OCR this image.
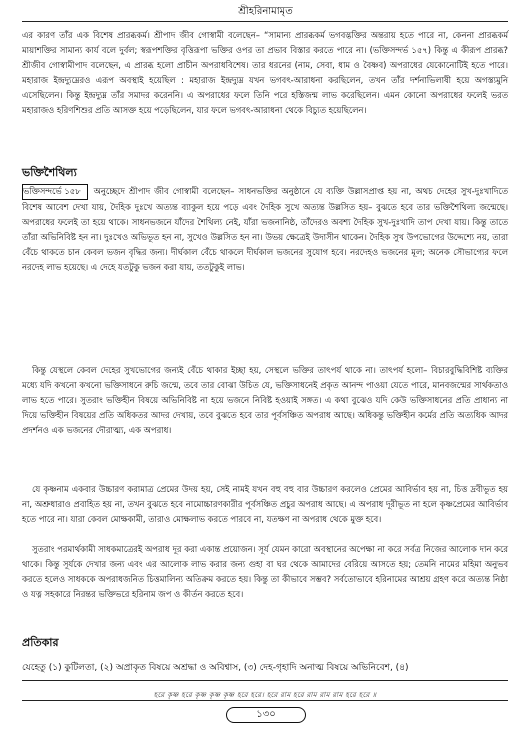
শ্রীহরিনামামৃত

এর কারণ তাঁর এক বিশেষ প্রারব্ধকর্ম। শ্রীপাদ জীব গোস্বামী বলেছেন– “সামান্য প্রারব্ধকর্ম ভগবদ্ভক্তির অন্তরায় হতে পারে না, কেননা প্রারব্ধকর্ম মায়াশক্তির সামান্য কার্য বলে দুর্বল; স্বরূপশক্তির বৃত্তিরূপা ভক্তির ওপর তা প্রভাব বিস্তার করতে পারে না। (ভক্তিসন্দর্ভ ১৫৭) কিন্তু এ কীরূপ প্রারব্ধ? শ্রীজীব গোস্বামীপাদ বলেছেন, এ প্রারব্ধ হলো প্রাচীন অপরাধবিশেষ। তার ধরনের (নাম, সেবা, ধাম ও বৈষ্ণব) অপরাধের যেকোনোটিই হতে পারে। মহারাজ ইন্দ্রদ্যুম্নেরও এরূপ অবস্থাই হয়েছিল : মহারাজ ইন্দ্রদ্যুম্ন যখন ভগবৎ-আরাধনা করছিলেন, তখন তাঁর দর্শনাভিলাষী হয়ে অগস্ত্যমুনি এসেছিলেন। কিন্তু ইন্দ্রদ্যুম্ন তাঁর সমাদর করেননি। এ অপরাধের ফলে তিনি পরে হস্তিজন্ম লাভ করেছিলেন। এমন কোনো অপরাধের ফলেই ভরত মহারাজও হরিণশিশুর প্রতি আসক্ত হয়ে পড়েছিলেন, যার ফলে ভগবৎ-আরাধনা থেকে বিচ্যুত হয়েছিলেন।

ভক্তিশৈথিল্য

ভক্তিসন্দর্ভে ১৫৮ অনুচ্ছেদে শ্রীপাদ জীব গোস্বামী বলেছেন– সাধনভক্তির অনুষ্ঠানে যে ব্যক্তি উল্লাসপ্রাপ্ত হয় না, অথচ দেহের সুখ-দুঃখাদিতে বিশেষ আবেশ দেখা যায়, দৈহিক দুঃখে অত্যন্ত ব্যাকুল হয়ে পড়ে এবং দৈহিক সুখে অত্যন্ত উল্লসিত হয়– বুঝতে হবে তার ভক্তিশৈথিল্য জন্মেছে। অপরাধের ফলেই তা হয়ে থাকে। সাধনভজনে যাঁদের শৈথিল্য নেই, যাঁরা ভজনানিষ্ঠ, তাঁদেরও অবশ্য দৈহিক সুখ-দুঃখাদি তাপ দেখা যায়। কিন্তু তাতে তাঁরা অভিনিবিষ্ট হন না। দুঃখেও অভিভূত হন না, সুখেও উল্লসিত হন না। উভয় ক্ষেত্রেই উদাসীন থাকেন। দৈহিক সুখ উপভোগের উদ্দেশ্যে নয়, তারা বেঁচে থাকতে চান কেবল ভজন বৃদ্ধির জন্য। দীর্ঘকাল বেঁচে থাকলে দীর্ঘকাল ভজনের সুযোগ হবে। নরদেহও ভজনের মূল; অনেক সৌভাগ্যের ফলে নরদেহ লাভ হয়েছে। এ দেহে যতটুকু ভজন করা যায়, ততটুকুই লাভ।

কিন্তু যেস্থলে কেবল দেহের সুখভোগের জন্যই বেঁচে থাকার ইচ্ছা হয়, সেস্থলে ভক্তির তাৎপর্য থাকে না। তাৎপর্য হলো– বিচারবুদ্ধিবিশিষ্ট ব্যক্তির মধ্যে যদি কখনো কখনো ভক্তিসাধনে রুচি জন্মে, তবে তার বোঝা উচিত যে, ভক্তিসাধনেই প্রকৃত আনন্দ পাওয়া যেতে পারে, মানবজন্মের সার্থকতাও লাভ হতে পারে। সুতরাং ভক্তিহীন বিষয়ে অভিনিবিষ্ট না হয়ে ভজনে নিবিষ্ট হওয়াই সঙ্গত। এ কথা বুঝেও যদি কেউ ভক্তিসাধনের প্রতি প্রাধান্য না দিয়ে ভক্তিহীন বিষয়ের প্রতি অধিকতর আদর দেখায়, তবে বুঝতে হবে তার পূর্বসঞ্চিত অপরাধ আছে। অধিকন্তু ভক্তিহীন কর্মের প্রতি অত্যধিক আদর প্রদর্শনও এক ভজনের দৌরাত্ম্য, এক অপরাধ।

যে কৃষ্ণনাম একবার উচ্চারণ করামাত্র প্রেমের উদয় হয়, সেই নামই যখন বহু বহু বার উচ্চারণ করলেও প্রেমের আবির্ভাব হয় না, চিত্ত দ্রবীভূত হয় না, অশ্রুধারাও প্রবাহিত হয় না, তখন বুঝতে হবে নামোচ্চারণকারীর পূর্বসঞ্চিত প্রচুর অপরাধ আছে। এ অপরাধ দূরীভূত না হলে কৃষ্ণপ্রেমের আবির্ভাব হতে পারে না। যারা কেবল মোক্ষকামী, তারাও মোক্ষলাভ করতে পারবে না, যতক্ষণ না অপরাধ থেকে মুক্ত হবে।

সুতরাং পরমার্থকামী সাধকমাত্রেরই অপরাধ দূর করা একান্ত প্রয়োজন। সূর্য যেমন কারো অবস্থানের অপেক্ষা না করে সর্বত্র নিজের আলোক দান করে থাকে। কিন্তু সূর্যকে দেখার জন্য এবং এর আলোক লাভ করার জন্য গুহা বা ঘর থেকে আমাদের বেরিয়ে আসতে হয়; তেমনি নামের মহিমা অনুভব করতে হলেও সাধককে অপরাধজনিত চিত্তমালিন্য অতিক্রম করতে হয়। কিন্তু তা কীভাবে সম্ভব? সর্বতোভাবে হরিনামের আশ্রয় গ্রহণ করে অত্যন্ত নিষ্ঠা ও যত্ন সহকারে নিরন্তর ভক্তিভরে হরিনাম জপ ও কীর্তন করতে হবে।

প্রতিকার
যেহেতু (১) কুটিলতা, (২) অপ্রাকৃত বিষয়ে অশ্রদ্ধা ও অবিশ্বাস, (৩) দেহ-গৃহাদি অনাত্ম বিষয়ে অভিনিবেশ, (৪)
হরে কৃষ্ণ হরে কৃষ্ণ কৃষ্ণ কৃষ্ণ হরে হরে। হরে রাম হরে রাম রাম রাম হরে হরে ॥
১৩০
